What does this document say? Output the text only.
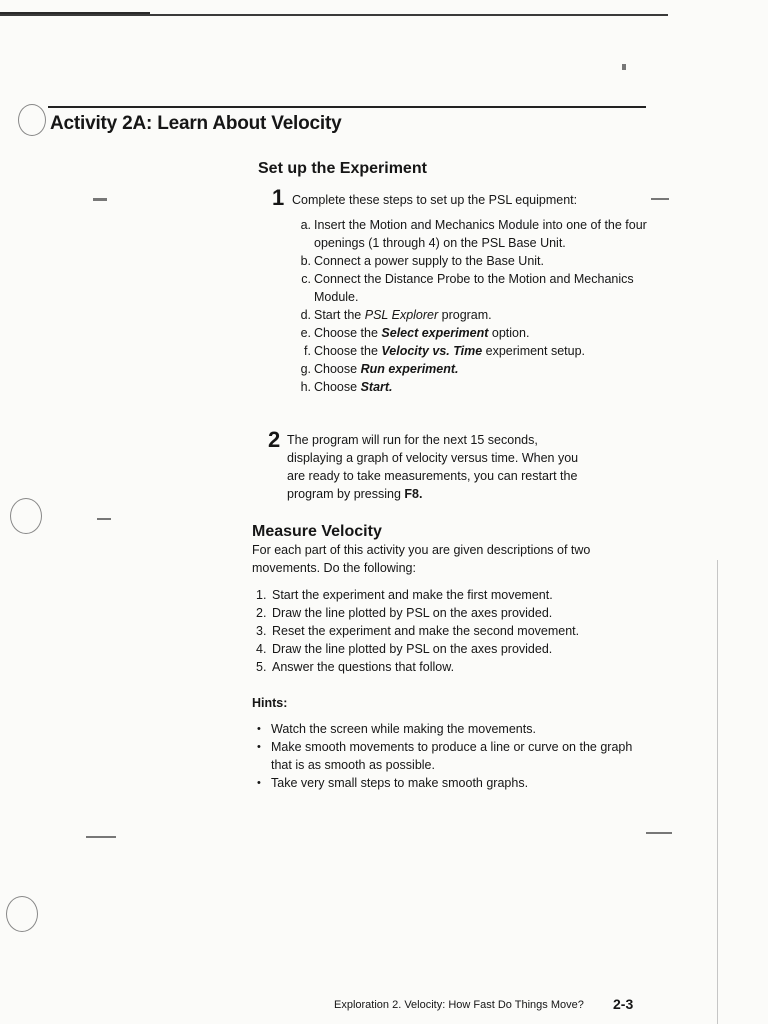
Activity 2A: Learn About Velocity
Set up the Experiment
1 Complete these steps to set up the PSL equipment:
a. Insert the Motion and Mechanics Module into one of the four openings (1 through 4) on the PSL Base Unit.
b. Connect a power supply to the Base Unit.
c. Connect the Distance Probe to the Motion and Mechanics Module.
d. Start the PSL Explorer program.
e. Choose the Select experiment option.
f. Choose the Velocity vs. Time experiment setup.
g. Choose Run experiment.
h. Choose Start.
2 The program will run for the next 15 seconds,
displaying a graph of velocity versus time. When you
are ready to take measurements, you can restart the
program by pressing F8.
Measure Velocity
For each part of this activity you are given descriptions of two movements. Do the following:
1. Start the experiment and make the first movement.
2. Draw the line plotted by PSL on the axes provided.
3. Reset the experiment and make the second movement.
4. Draw the line plotted by PSL on the axes provided.
5. Answer the questions that follow.
Hints:
• Watch the screen while making the movements.
• Make smooth movements to produce a line or curve on the graph that is as smooth as possible.
• Take very small steps to make smooth graphs.
Exploration 2. Velocity: How Fast Do Things Move? 2-3
